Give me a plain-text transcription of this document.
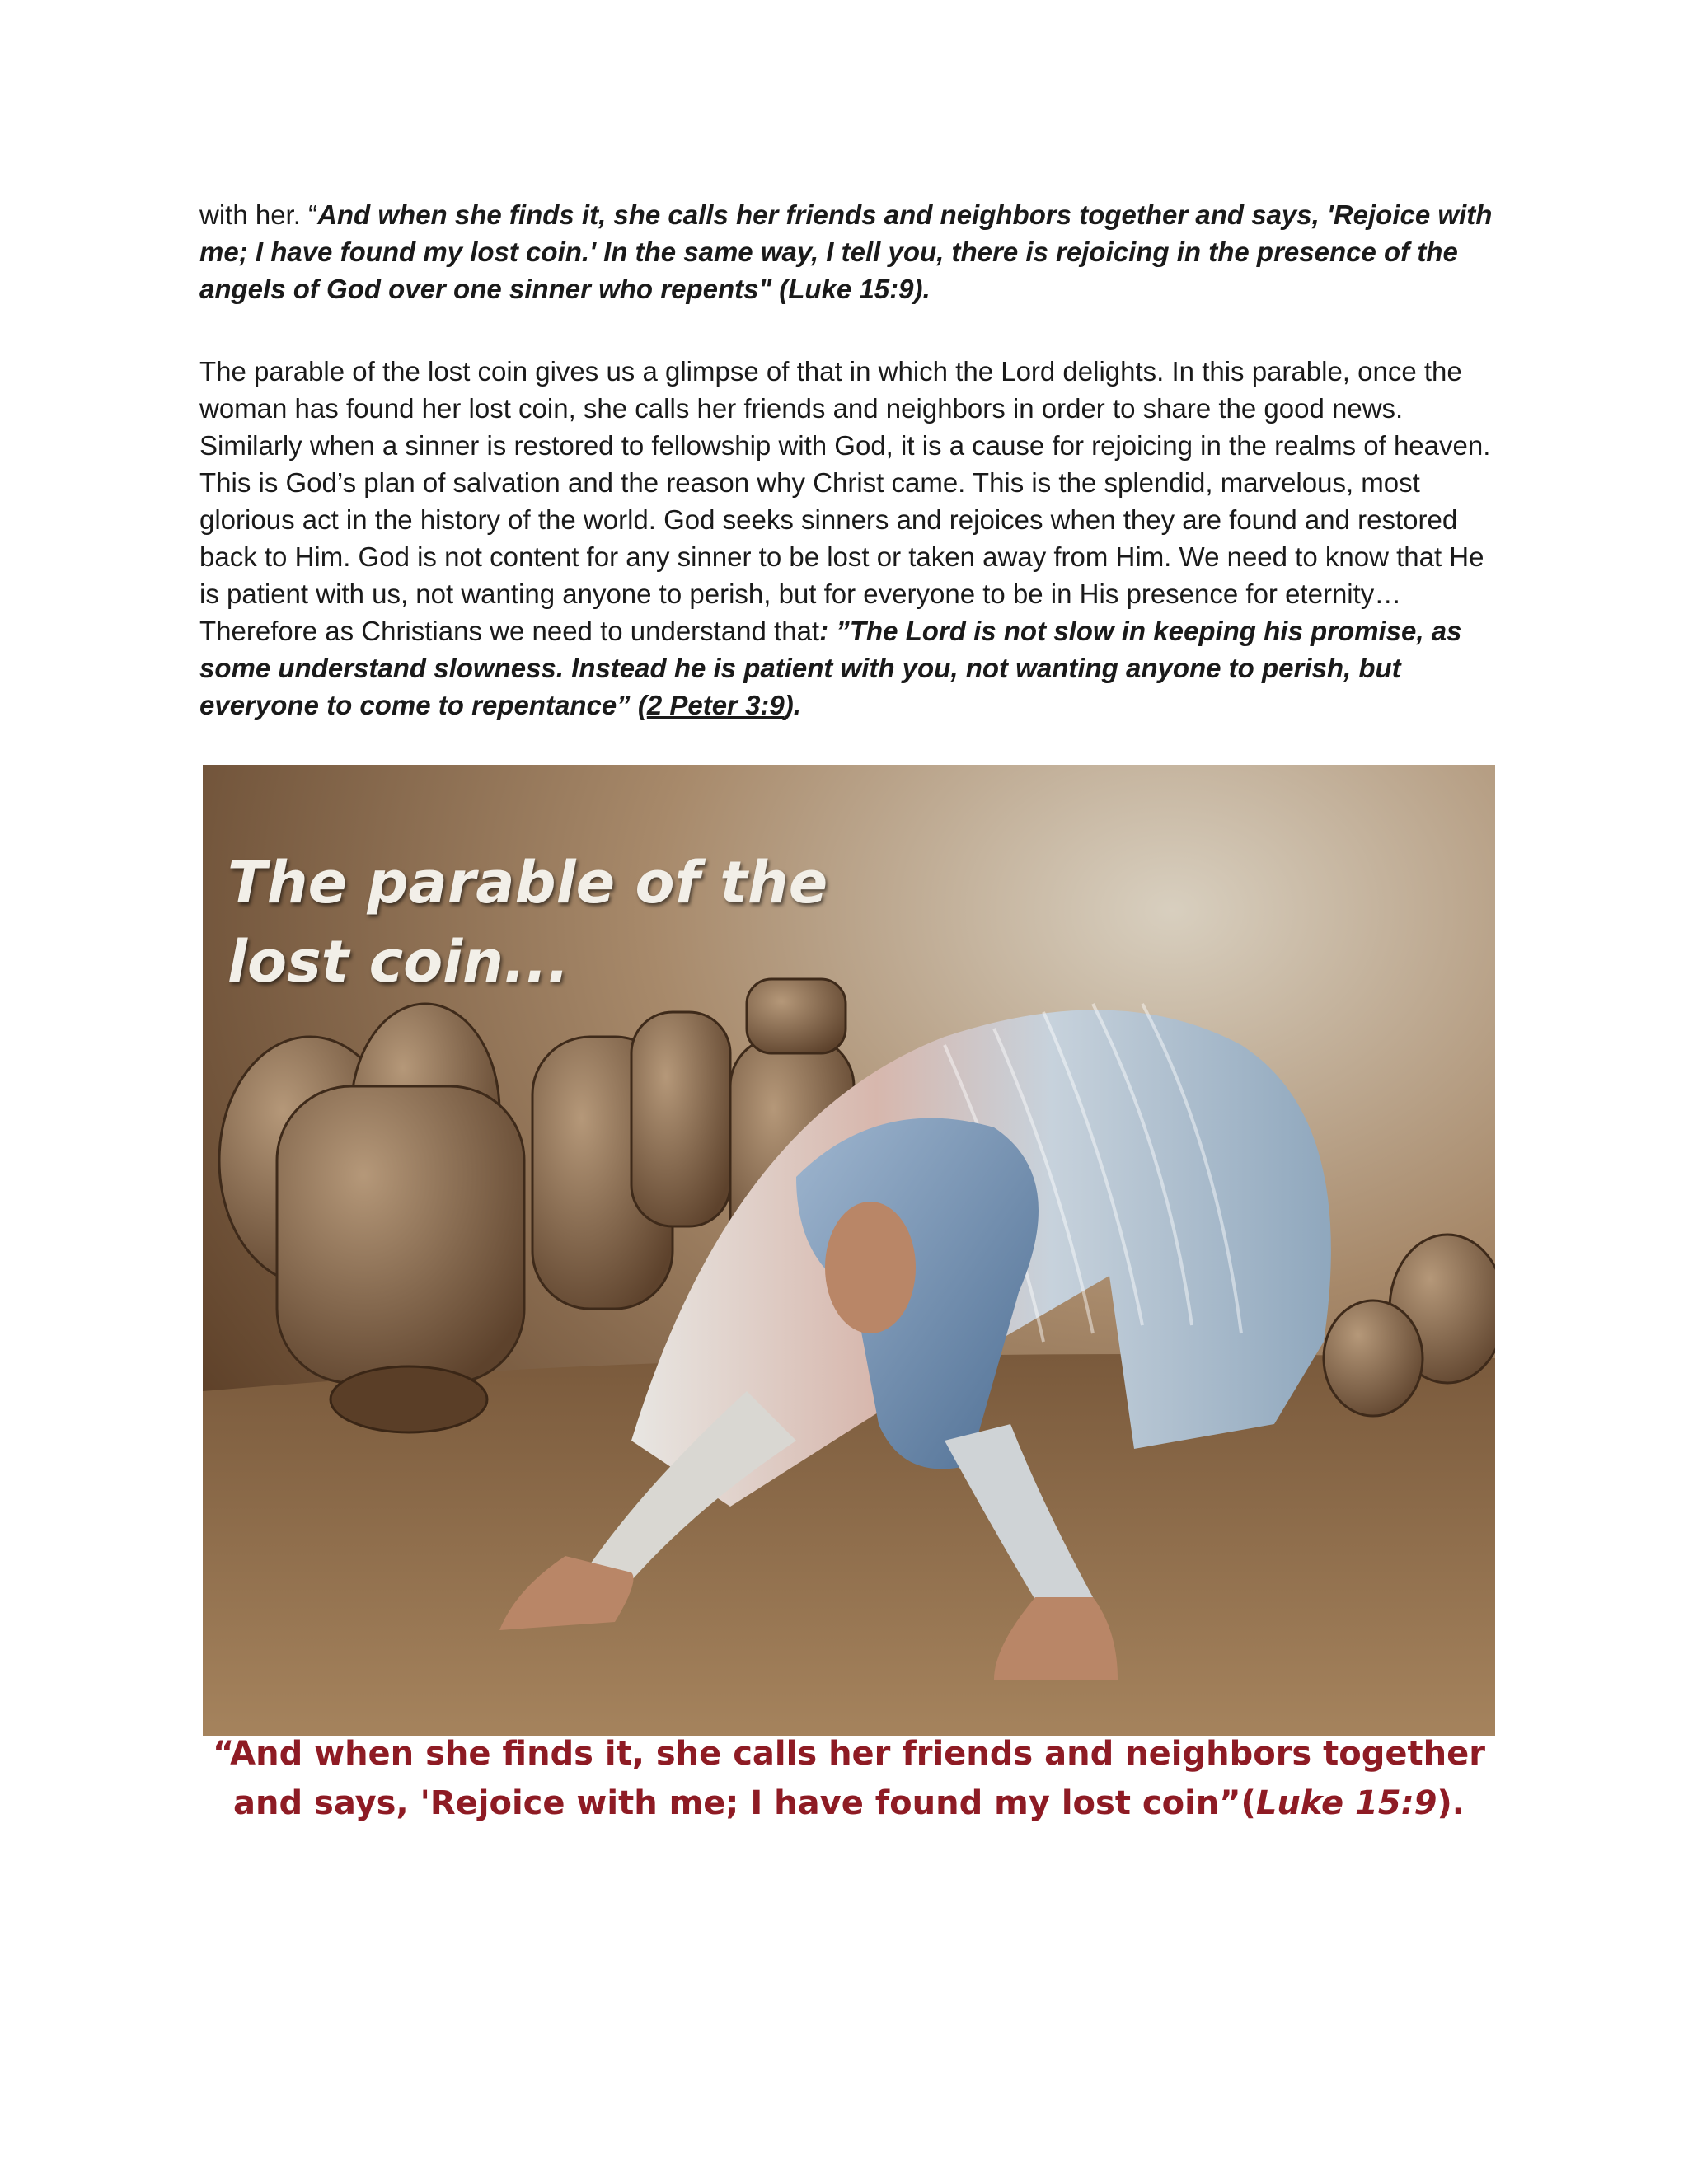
with her. “And when she finds it, she calls her friends and neighbors together and says, 'Rejoice with me; I have found my lost coin.' In the same way, I tell you, there is rejoicing in the presence of the angels of God over one sinner who repents" (Luke 15:9).

The parable of the lost coin gives us a glimpse of that in which the Lord delights. In this parable, once the woman has found her lost coin, she calls her friends and neighbors in order to share the good news. Similarly when a sinner is restored to fellowship with God, it is a cause for rejoicing in the realms of heaven. This is God’s plan of salvation and the reason why Christ came. This is the splendid, marvelous, most glorious act in the history of the world. God seeks sinners and rejoices when they are found and restored back to Him. God is not content for any sinner to be lost or taken away from Him. We need to know that He is patient with us, not wanting anyone to perish, but for everyone to be in His presence for eternity… Therefore as Christians we need to understand that: ”The Lord is not slow in keeping his promise, as some understand slowness. Instead he is patient with you, not wanting anyone to perish, but everyone to come to repentance” (2 Peter 3:9).

The parable of the
lost coin...

“And when she finds it, she calls her friends and neighbors together and says, 'Rejoice with me; I have found my lost coin”(Luke 15:9).
